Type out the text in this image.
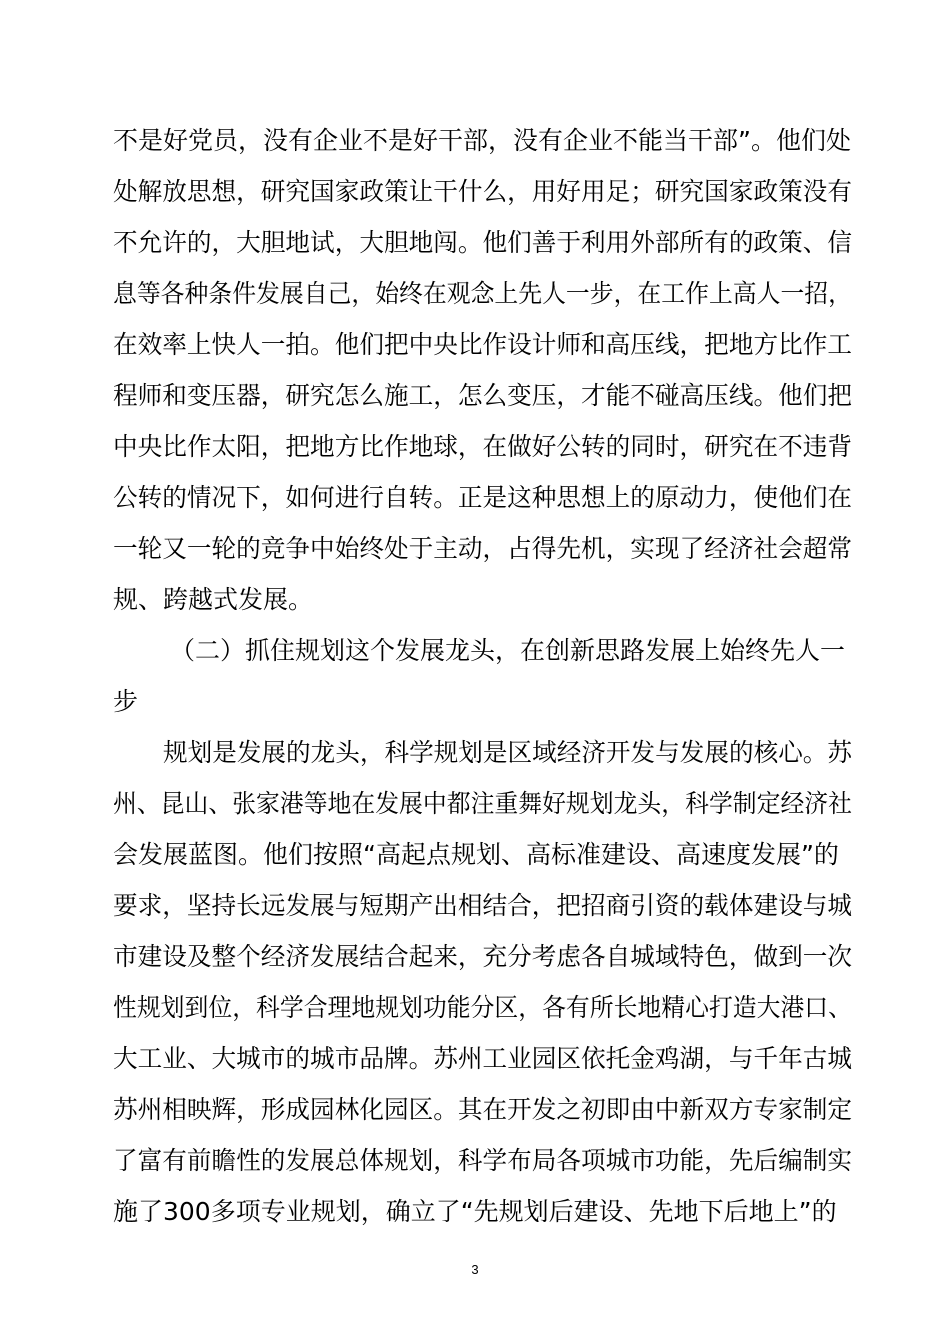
不是好党员，没有企业不是好干部，没有企业不能当干部”。他们处
处解放思想，研究国家政策让干什么，用好用足；研究国家政策没有
不允许的，大胆地试，大胆地闯。他们善于利用外部所有的政策、信
息等各种条件发展自己，始终在观念上先人一步，在工作上高人一招，
在效率上快人一拍。他们把中央比作设计师和高压线，把地方比作工
程师和变压器，研究怎么施工，怎么变压，才能不碰高压线。他们把
中央比作太阳，把地方比作地球，在做好公转的同时，研究在不违背
公转的情况下，如何进行自转。正是这种思想上的原动力，使他们在
一轮又一轮的竞争中始终处于主动，占得先机，实现了经济社会超常
规、跨越式发展。
（二）抓住规划这个发展龙头，在创新思路发展上始终先人一
步
规划是发展的龙头，科学规划是区域经济开发与发展的核心。苏
州、昆山、张家港等地在发展中都注重舞好规划龙头，科学制定经济社
会发展蓝图。他们按照“高起点规划、高标准建设、高速度发展”的
要求，坚持长远发展与短期产出相结合，把招商引资的载体建设与城
市建设及整个经济发展结合起来，充分考虑各自城域特色，做到一次
性规划到位，科学合理地规划功能分区，各有所长地精心打造大港口、
大工业、大城市的城市品牌。苏州工业园区依托金鸡湖，与千年古城
苏州相映辉，形成园林化园区。其在开发之初即由中新双方专家制定
了富有前瞻性的发展总体规划，科学布局各项城市功能，先后编制实
施了300多项专业规划，确立了“先规划后建设、先地下后地上”的
3
